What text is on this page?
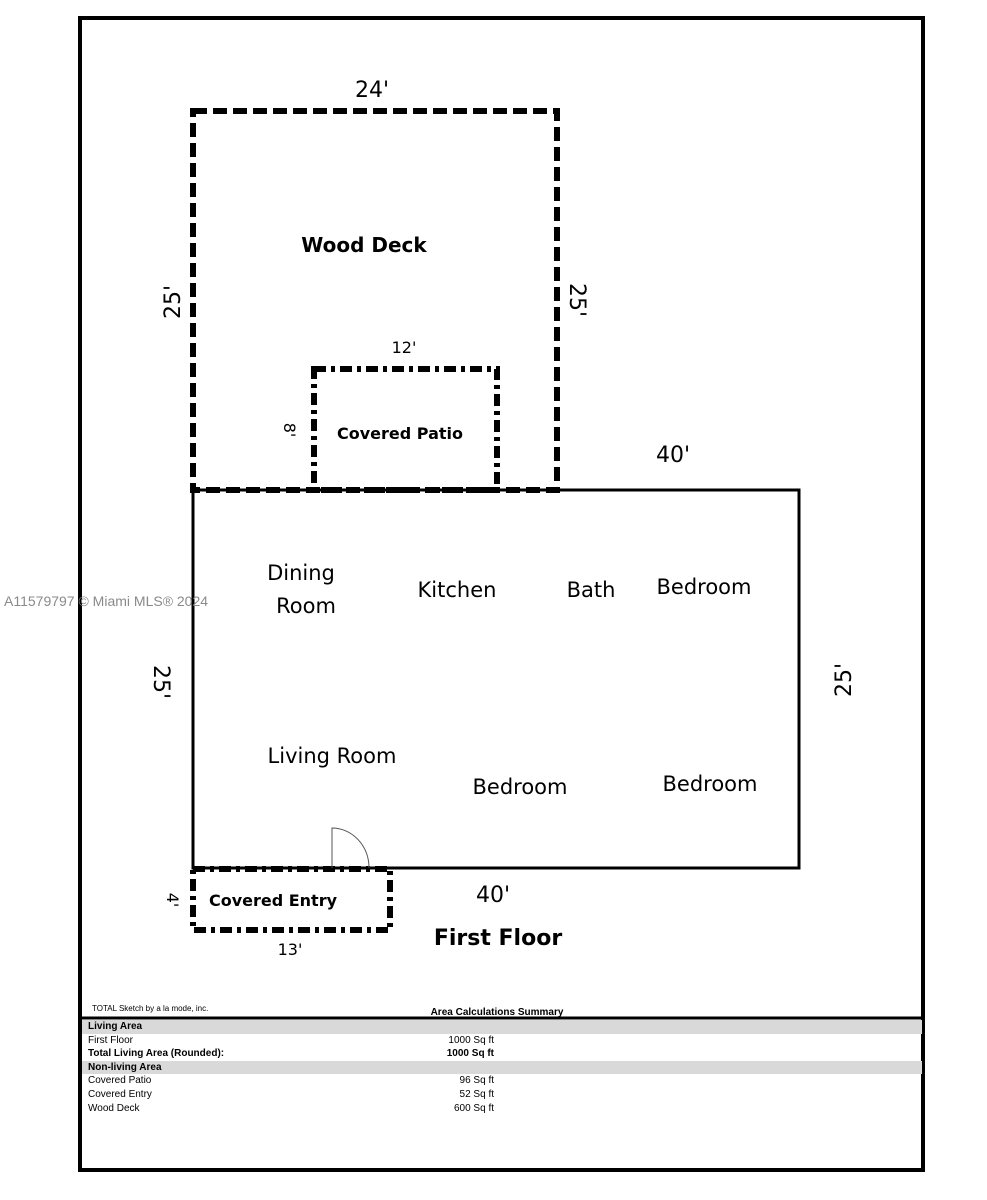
24'
25'	25'
Wood Deck
12'
8' Covered Patio
40'
25'	25'
40'
Dining
Room
Kitchen	Bath Bedroom
Living Room
Bedroom	Bedroom
4'
13'
Covered Entry
First Floor
TOTAL Sketch by a la mode, inc.	Area Calculations Summary
A11579797 © Miami MLS® 2024
Living Area
First Floor	1000 Sq ft
Total Living Area (Rounded):	1000 Sq ft
Non-living Area
Covered Patio	96 Sq ft
Covered Entry	52 Sq ft
Wood Deck	600 Sq ft
